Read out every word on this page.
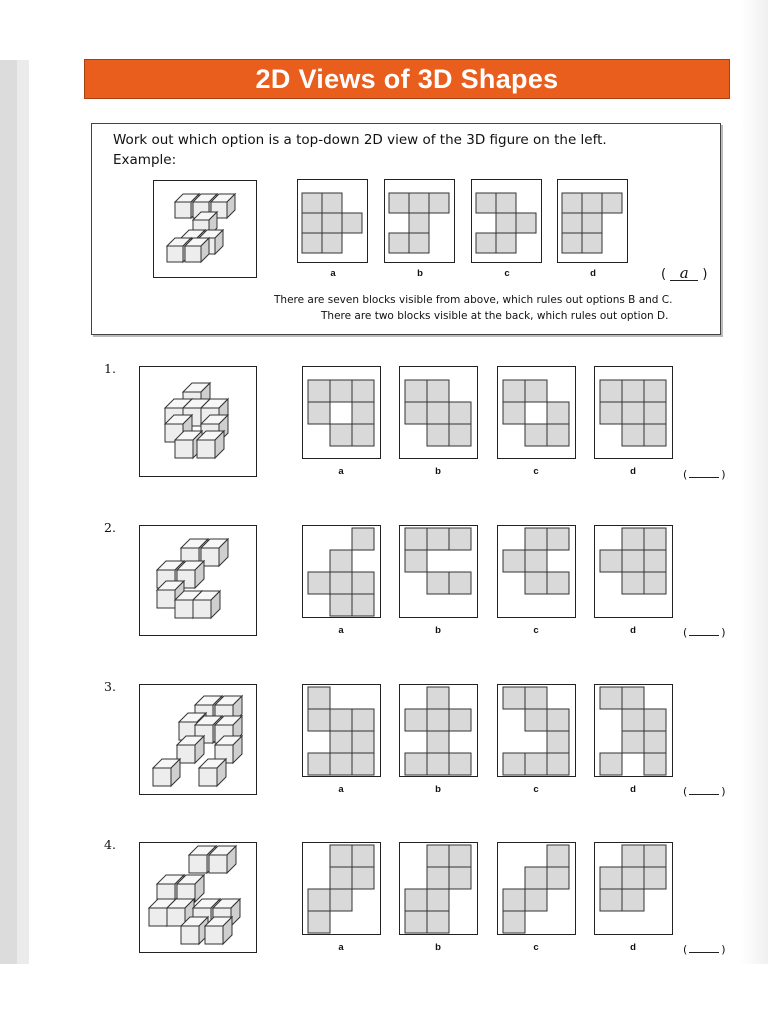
2D Views of 3D Shapes
Work out which option is a top-down 2D view of the 3D figure on the left.
Example:
There are seven blocks visible from above, which rules out options B and C.
There are two blocks visible at the back, which rules out option D.
( a )
a	b	c	d
1.
a	b	c	d	(	)
2.
a	b	c	d	(	)
3.
a	b	c	d	(	)
4.
a	b	c	d	(	)
